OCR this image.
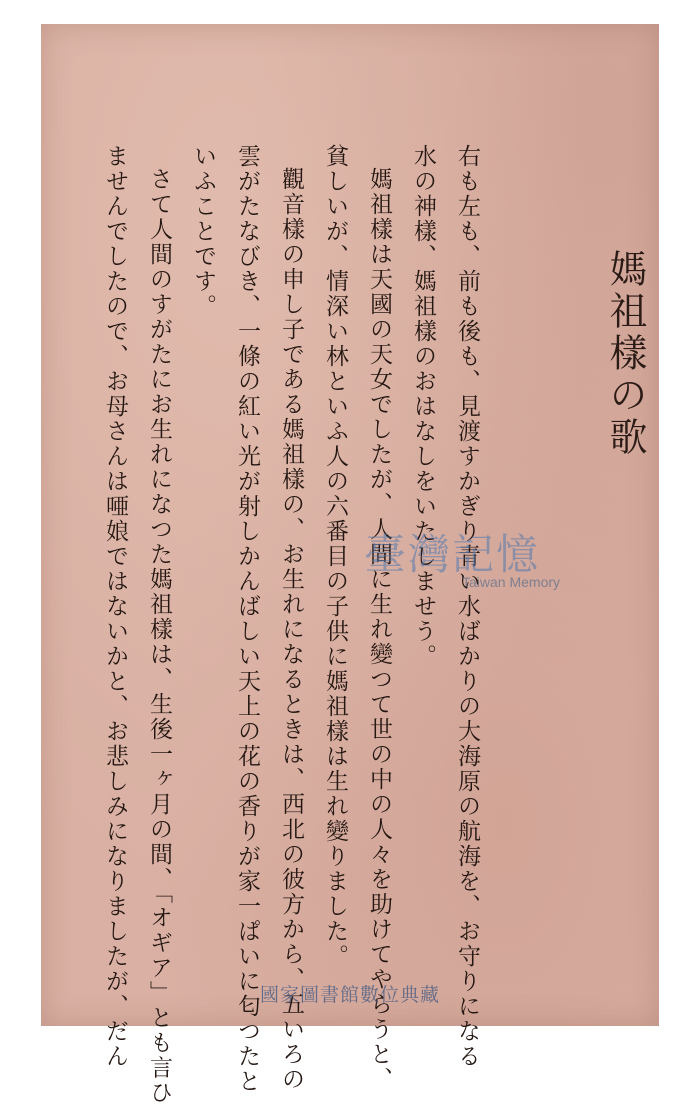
媽祖樣の歌

右も左も、前も後も、見渡すかぎり青い水ばかりの大海原の航海を、お守りになる

水の神樣、媽祖樣のおはなしをいたしませう。

媽祖樣は天國の天女でしたが、人間に生れ變つて世の中の人々を助けてやらうと、

貧しいが、情深い林といふ人の六番目の子供に媽祖樣は生れ變りました。

觀音樣の申し子である媽祖樣の、お生れになるときは、西北の彼方から、五いろの

雲がたなびき、一條の紅い光が射しかんばしい天上の花の香りが家一ぱいに匂つたと

いふことです。

さて人間のすがたにお生れになつた媽祖樣は、生後一ヶ月の間、「オギア」とも言ひ

ませんでしたので、お母さんは唖娘ではないかと、お悲しみになりましたが、だん	臺灣記憶
Taiwan Memory
國家圖書館數位典藏
